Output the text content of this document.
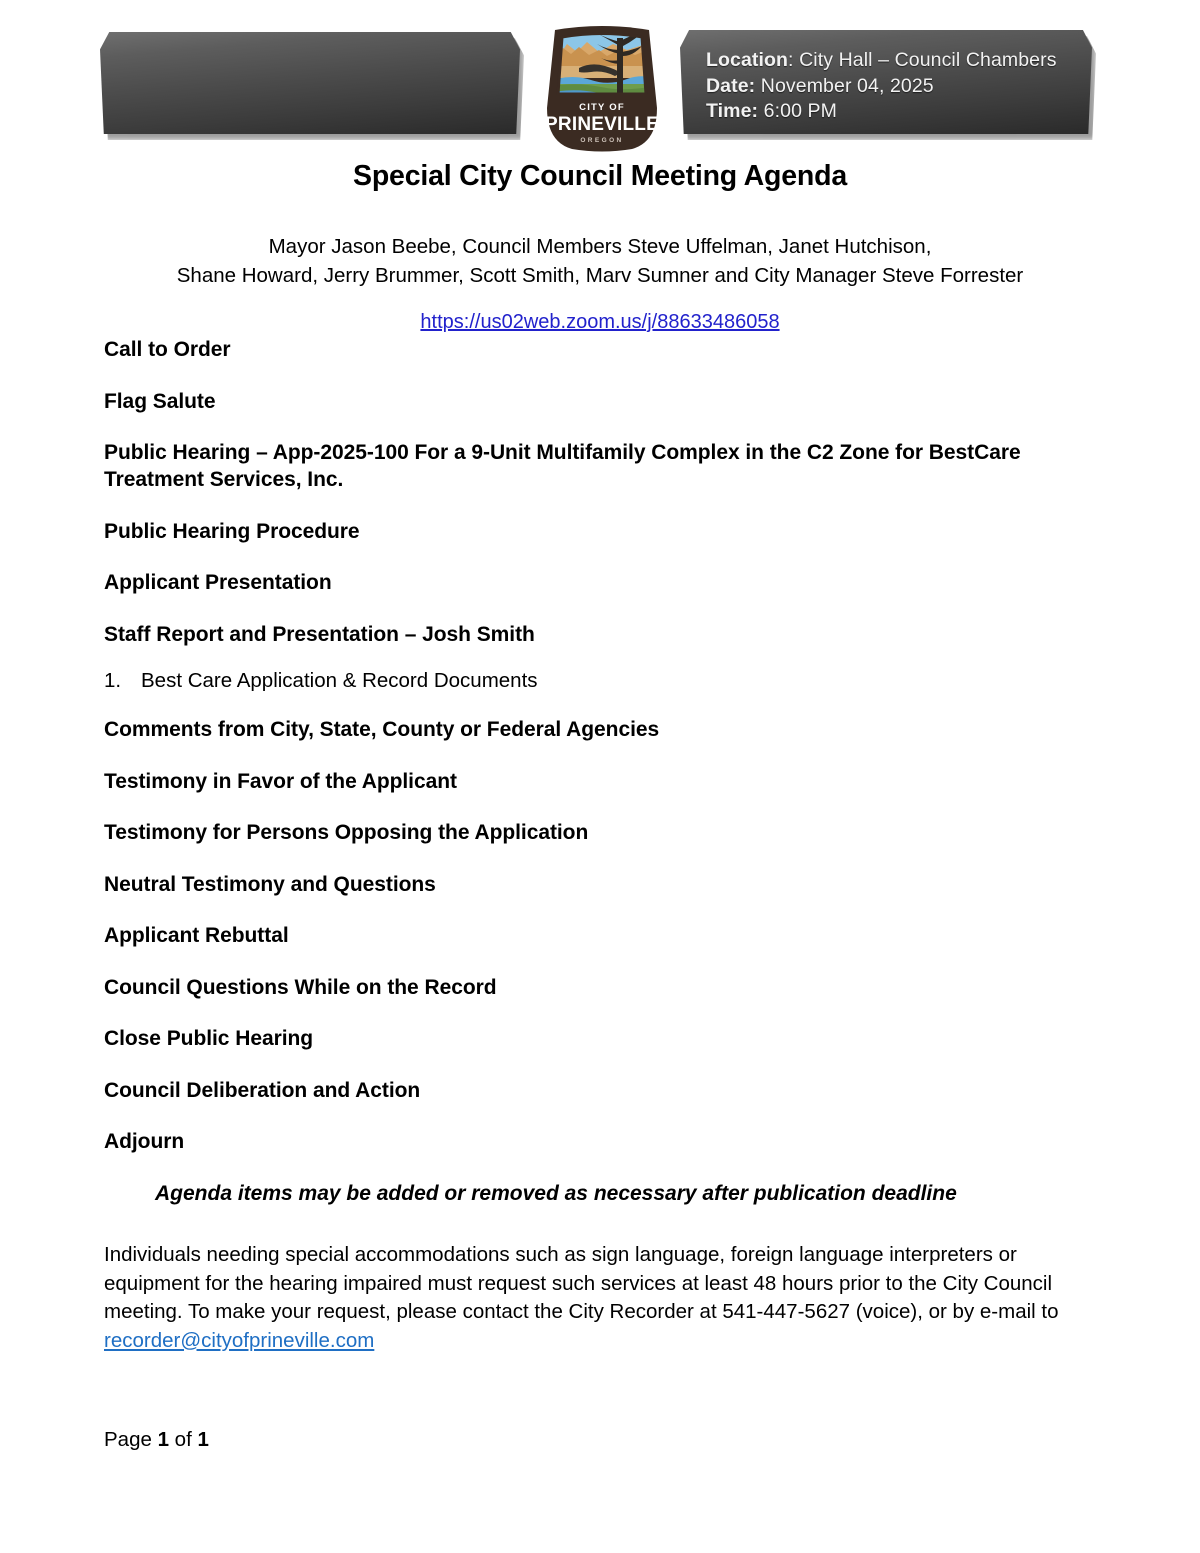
Location: City Hall – Council Chambers
Date: November 04, 2025
Time: 6:00 PM
CITY OF
PRINEVILLE
OREGON
Special City Council Meeting Agenda
Mayor Jason Beebe, Council Members Steve Uffelman, Janet Hutchison,
Shane Howard, Jerry Brummer, Scott Smith, Marv Sumner and City Manager Steve Forrester
https://us02web.zoom.us/j/88633486058
Call to Order
Flag Salute
Public Hearing – App-2025-100 For a 9-Unit Multifamily Complex in the C2 Zone for BestCare Treatment Services, Inc.
Public Hearing Procedure
Applicant Presentation
Staff Report and Presentation – Josh Smith
1. Best Care Application & Record Documents
Comments from City, State, County or Federal Agencies
Testimony in Favor of the Applicant
Testimony for Persons Opposing the Application
Neutral Testimony and Questions
Applicant Rebuttal
Council Questions While on the Record
Close Public Hearing
Council Deliberation and Action
Adjourn
Agenda items may be added or removed as necessary after publication deadline
Individuals needing special accommodations such as sign language, foreign language interpreters or equipment for the hearing impaired must request such services at least 48 hours prior to the City Council meeting. To make your request, please contact the City Recorder at 541-447-5627 (voice), or by e-mail to recorder@cityofprineville.com
Page 1 of 1
